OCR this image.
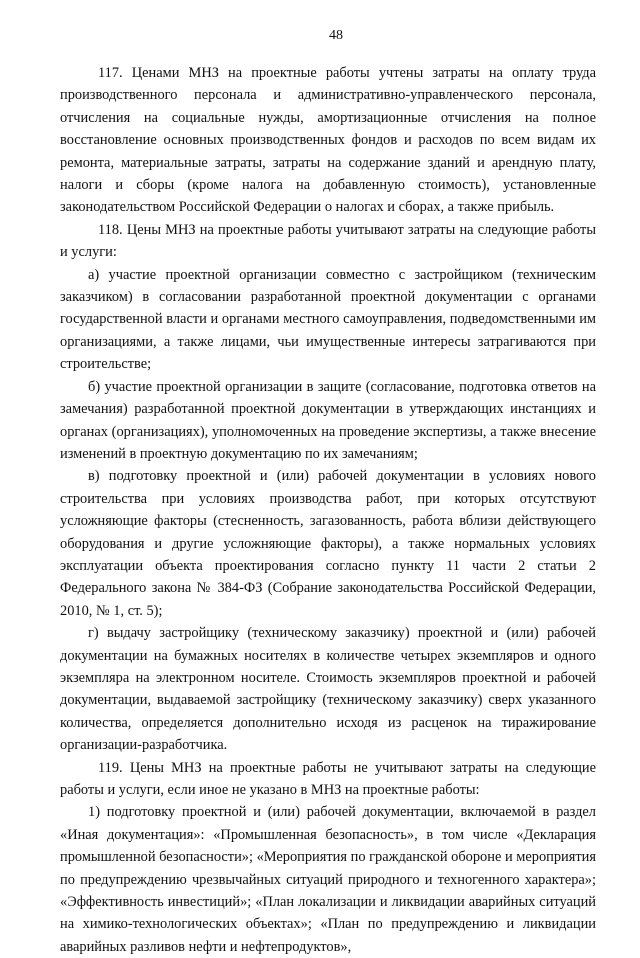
48

117. Ценами МНЗ на проектные работы учтены затраты на оплату труда производственного персонала и административно-управленческого персонала, отчисления на социальные нужды, амортизационные отчисления на полное восстановление основных производственных фондов и расходов по всем видам их ремонта, материальные затраты, затраты на содержание зданий и арендную плату, налоги и сборы (кроме налога на добавленную стоимость), установленные законодательством Российской Федерации о налогах и сборах, а также прибыль.

118. Цены МНЗ на проектные работы учитывают затраты на следующие работы и услуги:

а) участие проектной организации совместно с застройщиком (техническим заказчиком) в согласовании разработанной проектной документации с органами государственной власти и органами местного самоуправления, подведомственными им организациями, а также лицами, чьи имущественные интересы затрагиваются при строительстве;

б) участие проектной организации в защите (согласование, подготовка ответов на замечания) разработанной проектной документации в утверждающих инстанциях и органах (организациях), уполномоченных на проведение экспертизы, а также внесение изменений в проектную документацию по их замечаниям;

в) подготовку проектной и (или) рабочей документации в условиях нового строительства при условиях производства работ, при которых отсутствуют усложняющие факторы (стесненность, загазованность, работа вблизи действующего оборудования и другие усложняющие факторы), а также нормальных условиях эксплуатации объекта проектирования согласно пункту 11 части 2 статьи 2 Федерального закона № 384-ФЗ (Собрание законодательства Российской Федерации, 2010, № 1, ст. 5);

г) выдачу застройщику (техническому заказчику) проектной и (или) рабочей документации на бумажных носителях в количестве четырех экземпляров и одного экземпляра на электронном носителе. Стоимость экземпляров проектной и рабочей документации, выдаваемой застройщику (техническому заказчику) сверх указанного количества, определяется дополнительно исходя из расценок на тиражирование организации-разработчика.

119. Цены МНЗ на проектные работы не учитывают затраты на следующие работы и услуги, если иное не указано в МНЗ на проектные работы:

1) подготовку проектной и (или) рабочей документации, включаемой в раздел «Иная документация»: «Промышленная безопасность», в том числе «Декларация промышленной безопасности»; «Мероприятия по гражданской обороне и мероприятия по предупреждению чрезвычайных ситуаций природного и техногенного характера»; «Эффективность инвестиций»; «План локализации и ликвидации аварийных ситуаций на химико-технологических объектах»; «План по предупреждению и ликвидации аварийных разливов нефти и нефтепродуктов»,
